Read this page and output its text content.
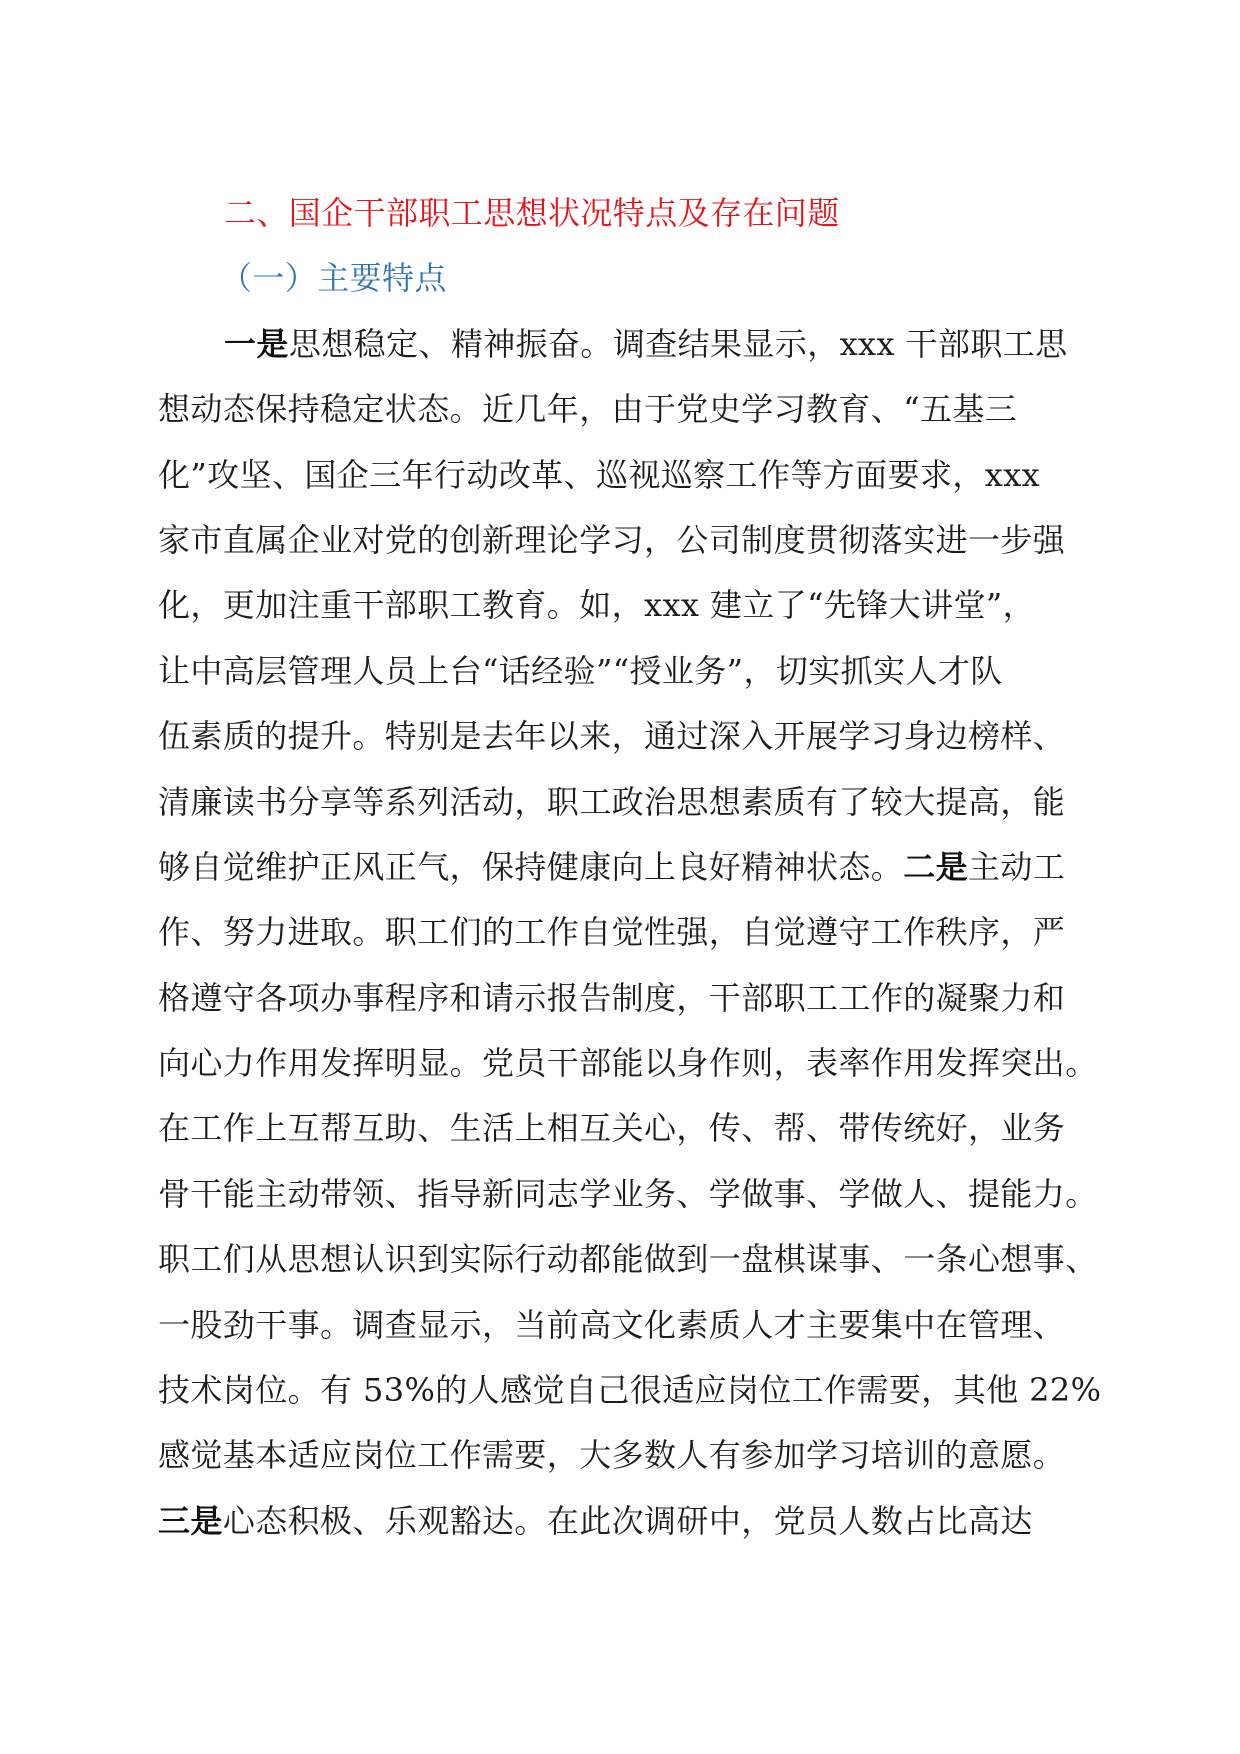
二、国企干部职工思想状况特点及存在问题
（一）主要特点
一是思想稳定、精神振奋。调查结果显示，xxx 干部职工思
想动态保持稳定状态。近几年，由于党史学习教育、“五基三
化”攻坚、国企三年行动改革、巡视巡察工作等方面要求，xxx
家市直属企业对党的创新理论学习，公司制度贯彻落实进一步强
化，更加注重干部职工教育。如，xxx 建立了“先锋大讲堂”，
让中高层管理人员上台“话经验”“授业务”，切实抓实人才队
伍素质的提升。特别是去年以来，通过深入开展学习身边榜样、
清廉读书分享等系列活动，职工政治思想素质有了较大提高，能
够自觉维护正风正气，保持健康向上良好精神状态。二是主动工
作、努力进取。职工们的工作自觉性强，自觉遵守工作秩序，严
格遵守各项办事程序和请示报告制度，干部职工工作的凝聚力和
向心力作用发挥明显。党员干部能以身作则，表率作用发挥突出。
在工作上互帮互助、生活上相互关心，传、帮、带传统好，业务
骨干能主动带领、指导新同志学业务、学做事、学做人、提能力。
职工们从思想认识到实际行动都能做到一盘棋谋事、一条心想事、
一股劲干事。调查显示，当前高文化素质人才主要集中在管理、
技术岗位。有 53%的人感觉自己很适应岗位工作需要，其他 22%
感觉基本适应岗位工作需要，大多数人有参加学习培训的意愿。
三是心态积极、乐观豁达。在此次调研中，党员人数占比高达
